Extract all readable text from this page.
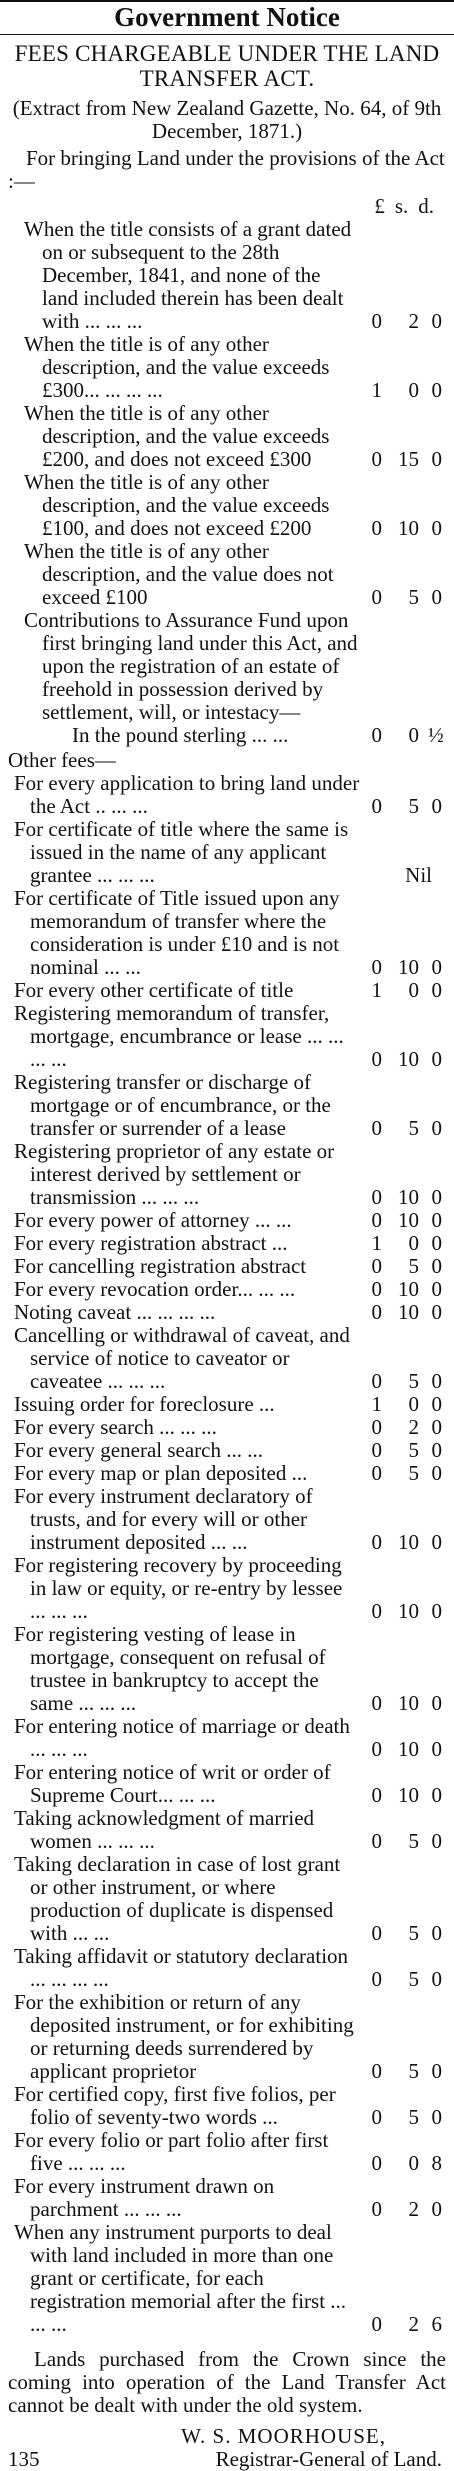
Government Notice
FEES CHARGEABLE UNDER THE LAND TRANSFER ACT.
(Extract from New Zealand Gazette, No. 64, of 9th December, 1871.)
For bringing Land under the provisions of the Act :—
£ s. d.
When the title consists of a grant dated on or subsequent to the 28th December, 1841, and none of the land included therein has been dealt with ... ... ...	0	2 0
When the title is of any other description, and the value exceeds £300... ... ... ...	1	0 0
When the title is of any other description, and the value exceeds £200, and does not exceed £300	0 15 0
When the title is of any other description, and the value exceeds £100, and does not exceed £200	0 10 0
When the title is of any other description, and the value does not exceed £100	0	5 0
Contributions to Assurance Fund upon first bringing land under this Act, and upon the registration of an estate of freehold in possession derived by settlement, will, or intestacy—
In the pound sterling ... ...	0	0 ½
Other fees—
For every application to bring land under the Act .. ... ...	0	5 0
For certificate of title where the same is issued in the name of any applicant grantee ... ... ...	Nil
For certificate of Title issued upon any memorandum of transfer where the consideration is under £10 and is not nominal ... ...	0 10 0
For every other certificate of title	1	0 0
Registering memorandum of transfer, mortgage, encumbrance or lease ... ... ... ...	0 10 0
Registering transfer or discharge of mortgage or of encumbrance, or the transfer or surrender of a lease	0	5 0
Registering proprietor of any estate or interest derived by settlement or transmission ... ... ...	0 10 0
For every power of attorney ... ...	0 10 0
For every registration abstract ...	1	0 0
For cancelling registration abstract	0	5 0
For every revocation order... ... ...	0 10 0
Noting caveat ... ... ... ...	0 10 0
Cancelling or withdrawal of caveat, and service of notice to caveator or caveatee ... ... ...	0	5 0
Issuing order for foreclosure ...	1	0 0
For every search ... ... ...	0	2 0
For every general search ... ...	0	5 0
For every map or plan deposited ...	0	5 0
For every instrument declaratory of trusts, and for every will or other instrument deposited ... ...	0 10 0
For registering recovery by proceeding in law or equity, or re-entry by lessee ... ... ...	0 10 0
For registering vesting of lease in mortgage, consequent on refusal of trustee in bankruptcy to accept the same ... ... ...	0 10 0
For entering notice of marriage or death ... ... ...	0 10 0
For entering notice of writ or order of Supreme Court... ... ...	0 10 0
Taking acknowledgment of married women ... ... ...	0	5 0
Taking declaration in case of lost grant or other instrument, or where production of duplicate is dispensed with ... ...	0	5 0
Taking affidavit or statutory declaration ... ... ... ...	0	5 0
For the exhibition or return of any deposited instrument, or for exhibiting or returning deeds surrendered by applicant proprietor	0	5 0
For certified copy, first five folios, per folio of seventy-two words ...	0	5 0
For every folio or part folio after first five ... ... ...	0	0 8
For every instrument drawn on parchment ... ... ...	0	2 0
When any instrument purports to deal with land included in more than one grant or certificate, for each registration memorial after the first ... ... ...	0	2 6
Lands purchased from the Crown since the coming into operation of the Land Transfer Act cannot be dealt with under the old system.
W. S. MOORHOUSE,
135	Registrar-General of Land.
